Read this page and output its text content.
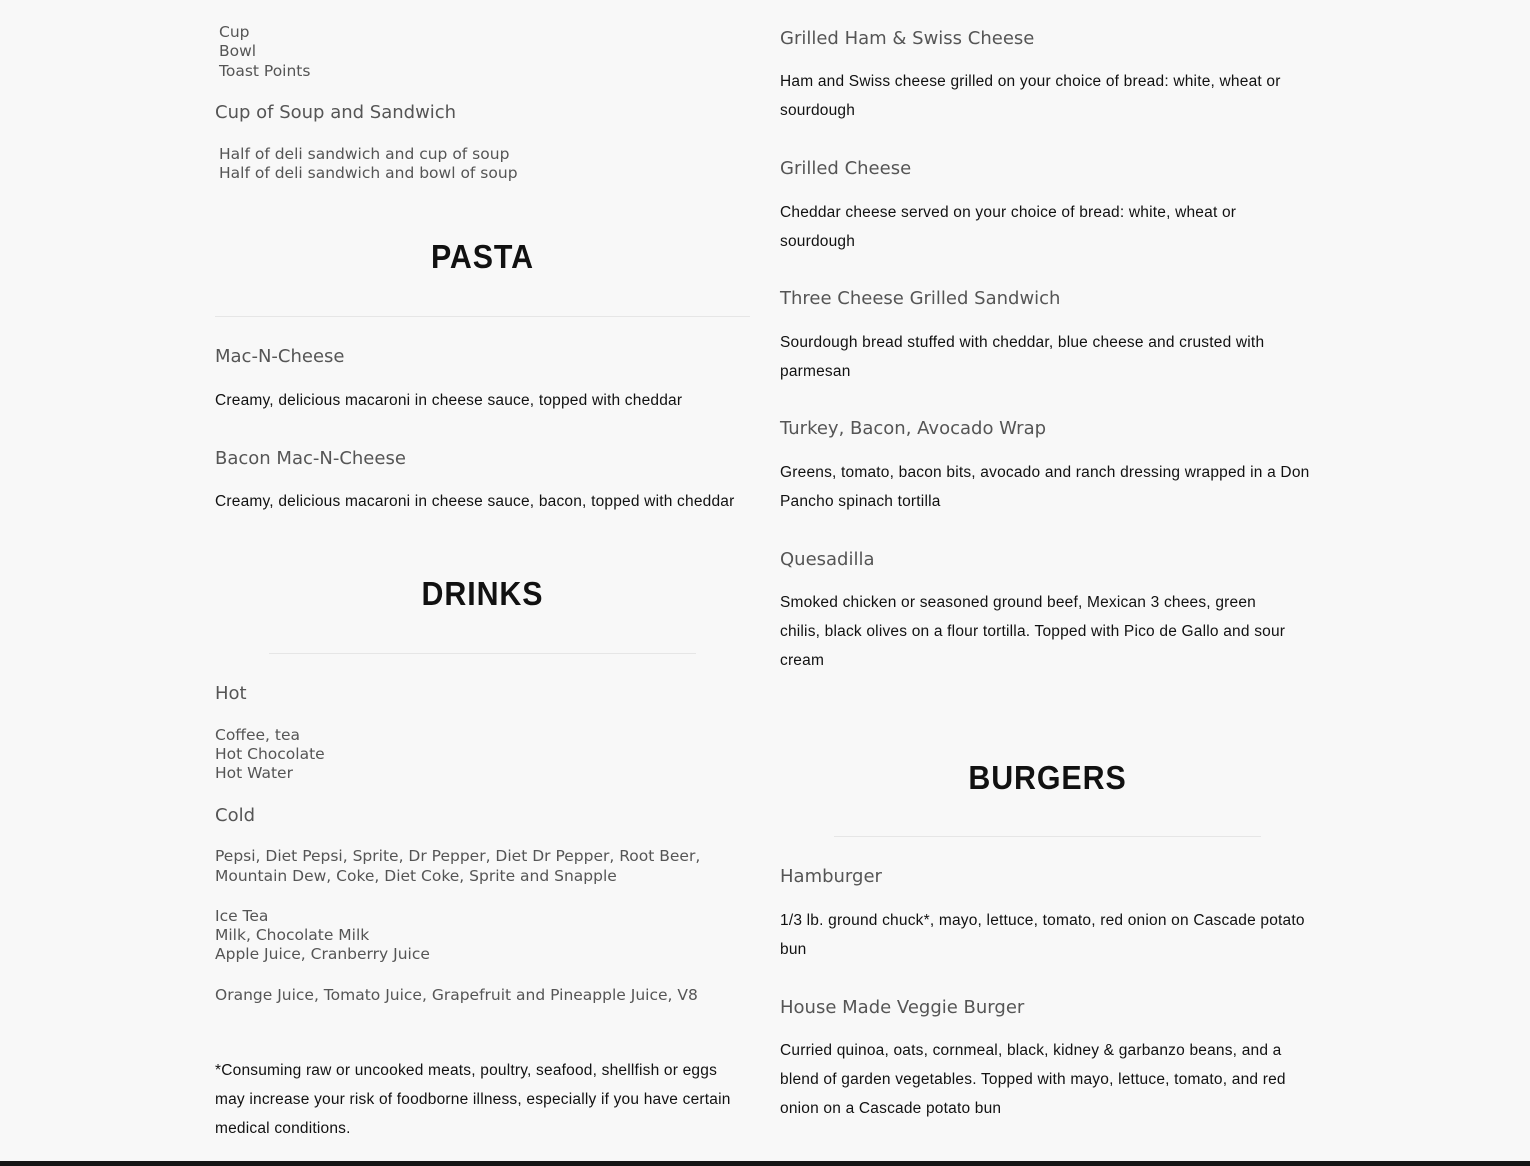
Cup

Bowl

Toast Points

Cup of Soup and Sandwich

Half of deli sandwich and cup of soup

Half of deli sandwich and bowl of soup

PASTA
Mac-N-Cheese

Creamy, delicious macaroni in cheese sauce, topped with cheddar

Bacon Mac-N-Cheese

Creamy, delicious macaroni in cheese sauce, bacon, topped with cheddar

DRINKS
Hot

Coffee, tea

Hot Chocolate

Hot Water

Cold

Pepsi, Diet Pepsi, Sprite, Dr Pepper, Diet Dr Pepper, Root Beer,

Mountain Dew, Coke, Diet Coke, Sprite and Snapple

Ice Tea

Milk, Chocolate Milk

Apple Juice, Cranberry Juice

Orange Juice, Tomato Juice, Grapefruit and Pineapple Juice, V8

*Consuming raw or uncooked meats, poultry, seafood, shellfish or eggs may increase your risk of foodborne illness, especially if you have certain medical conditions.

Grilled Ham & Swiss Cheese

Ham and Swiss cheese grilled on your choice of bread: white, wheat or sourdough

Grilled Cheese

Cheddar cheese served on your choice of bread: white, wheat or sourdough

Three Cheese Grilled Sandwich

Sourdough bread stuffed with cheddar, blue cheese and crusted with parmesan

Turkey, Bacon, Avocado Wrap

Greens, tomato, bacon bits, avocado and ranch dressing wrapped in a Don Pancho spinach tortilla

Quesadilla

Smoked chicken or seasoned ground beef, Mexican 3 chees, green chilis, black olives on a flour tortilla. Topped with Pico de Gallo and sour cream

BURGERS
Hamburger

1/3 lb. ground chuck*, mayo, lettuce, tomato, red onion on Cascade potato bun

House Made Veggie Burger

Curried quinoa, oats, cornmeal, black, kidney & garbanzo beans, and a blend of garden vegetables. Topped with mayo, lettuce, tomato, and red onion on a Cascade potato bun
